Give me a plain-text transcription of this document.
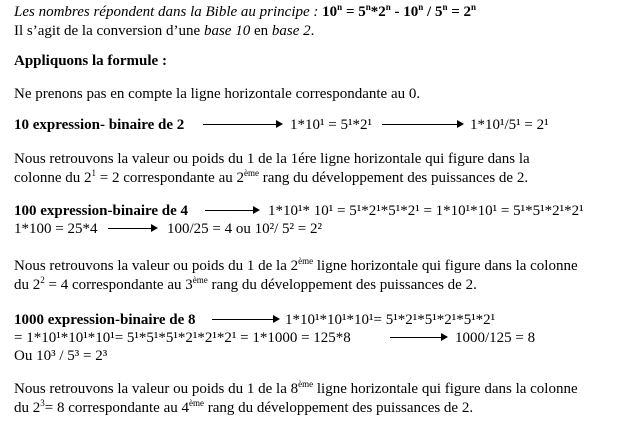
Les nombres répondent dans la Bible au principe : $10^n = 5^n*2^n - 10^n / 5^n = 2^n$
Il s’agit de la conversion d’une base 10 en base 2.
Appliquons la formule :
Ne prenons pas en compte la ligne horizontale correspondante au 0.
10 expression- binaire de 2	1*10¹ = 5¹*2¹	1*10¹/5¹ = 2¹
Nous retrouvons la valeur ou poids du 1 de la 1ére ligne horizontale qui figure dans la
colonne du $2^1 = 2$ correspondante au 2ème rang du développement des puissances de 2.
100 expression-binaire de 4	1*10¹* 10¹ = 5¹*2¹*5¹*2¹ = 1*10¹*10¹ = 5¹*5¹*2¹*2¹
1*100 = 25*4	100/25 = 4 ou 10²/ 5² = 2²
Nous retrouvons la valeur ou poids du 1 de la 2ème ligne horizontale qui figure dans la colonne
du $2^2 = 4$ correspondante au 3ème rang du développement des puissances de 2.
1000 expression-binaire de 8	1*10¹*10¹*10¹= 5¹*2¹*5¹*2¹*5¹*2¹
= 1*10¹*10¹*10¹= 5¹*5¹*5¹*2¹*2¹*2¹ = 1*1000 = 125*8	1000/125 = 8
Ou 10³ / 5³ = 2³
Nous retrouvons la valeur ou poids du 1 de la 8ème ligne horizontale qui figure dans la colonne
du $2^3= 8$ correspondante au 4ème rang du développement des puissances de 2.
